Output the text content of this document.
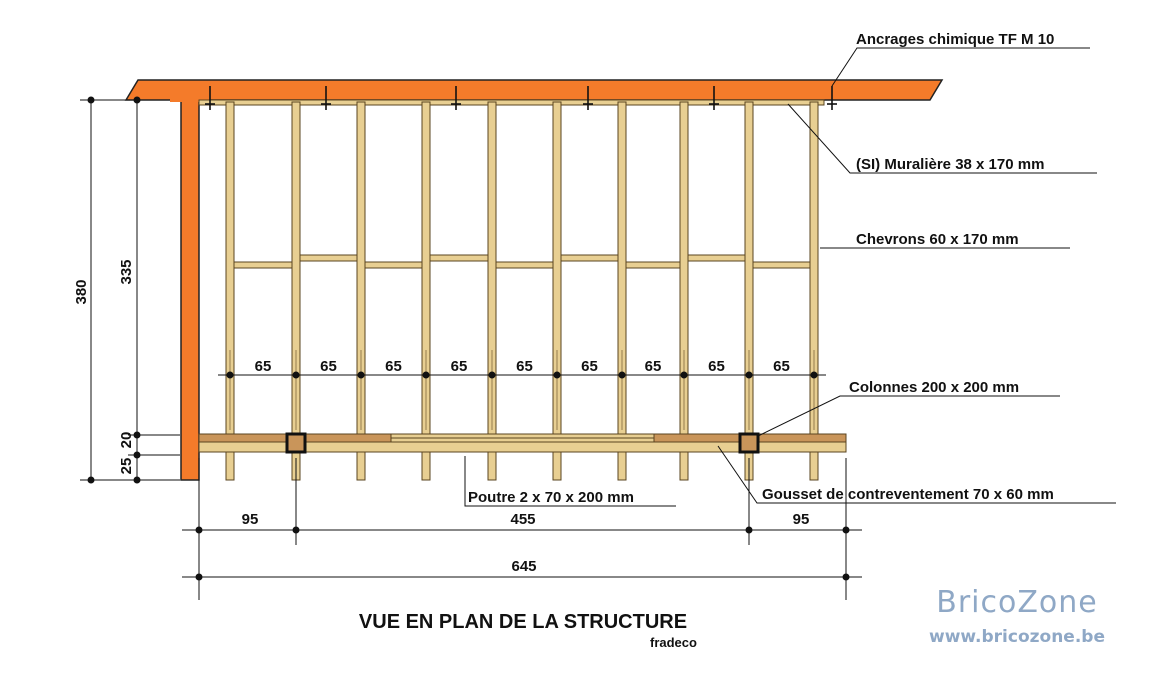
65	65	65	65	65	65	65	65	65
380
335
20
25
95	455	95
645
Ancrages chimique TF M 10
(SI) Muralière 38 x 170 mm
Chevrons 60 x 170 mm
Colonnes 200 x 200 mm
Poutre 2 x 70 x 200 mm	Gousset de contreventement 70 x 60 mm
VUE EN PLAN DE LA STRUCTURE
fradeco
BricoZone
www.bricozone.be
